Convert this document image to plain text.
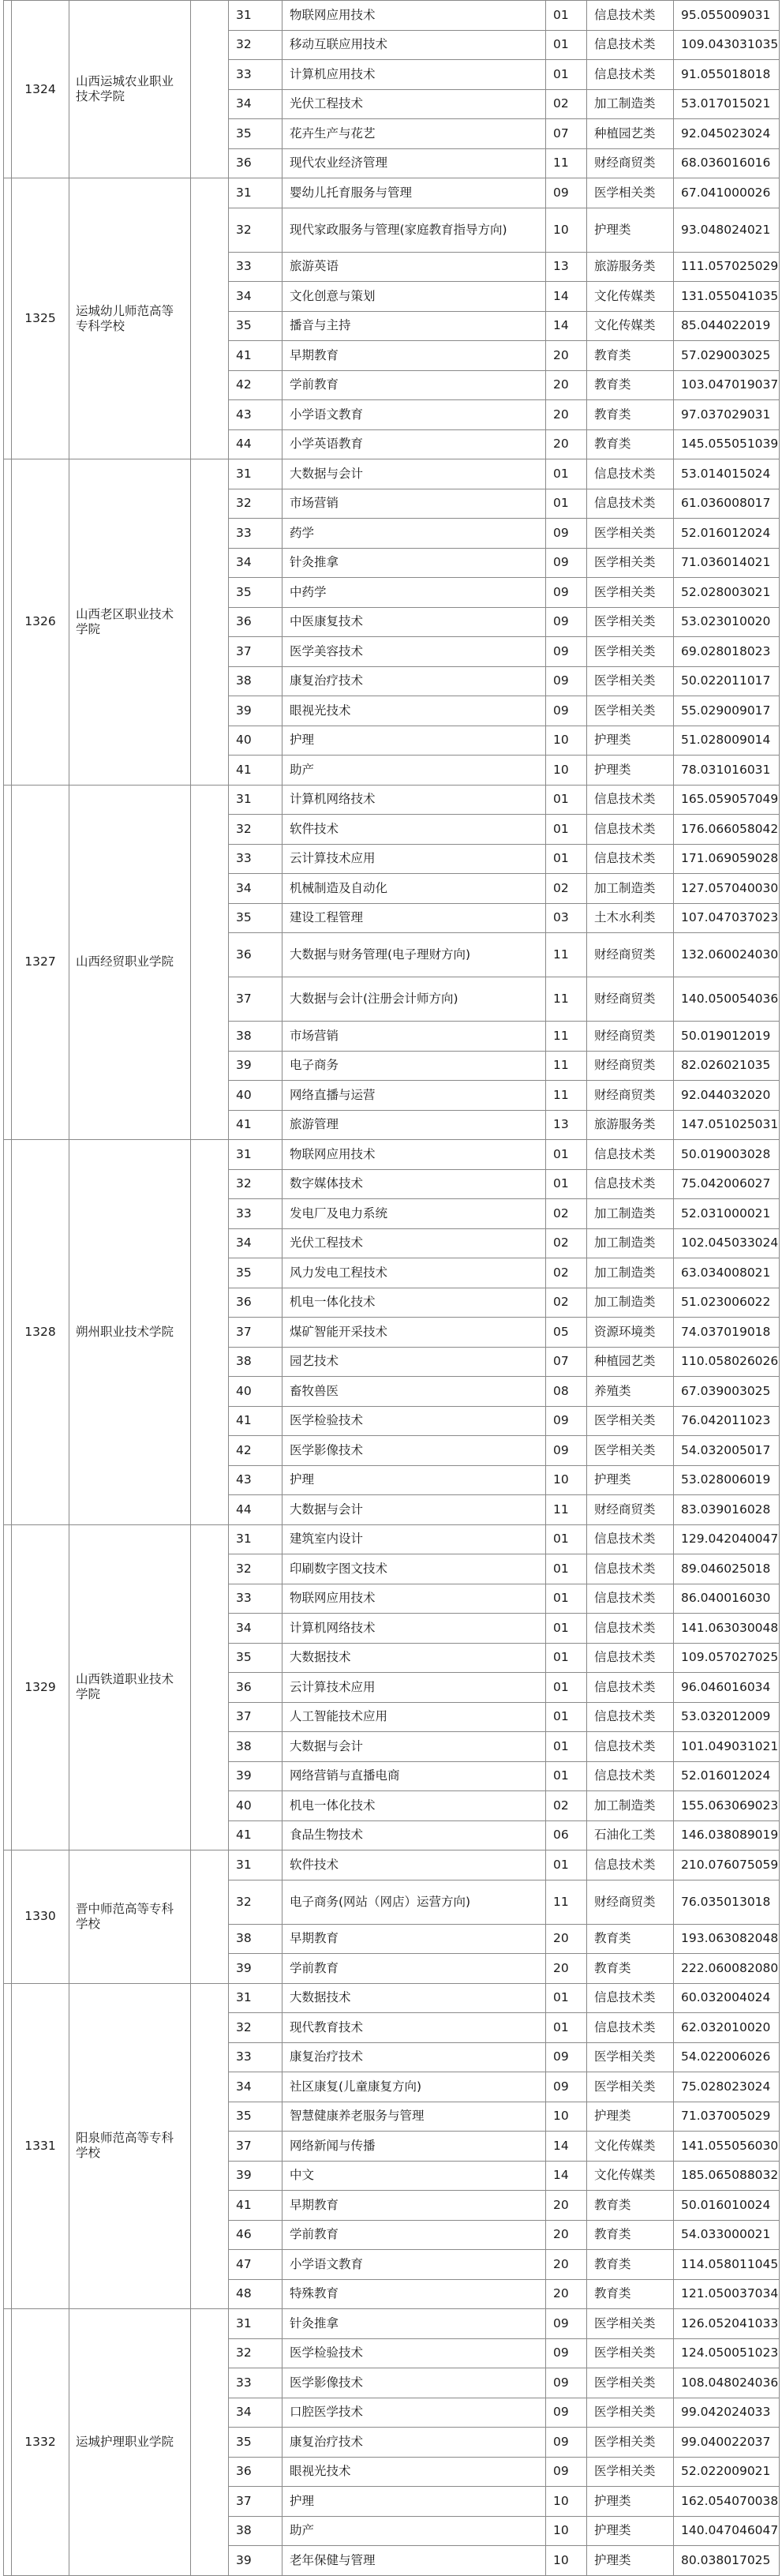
	1324	山西运城农业职业技术学院		31	物联网应用技术	01	信息技术类	95.055009031
				32	移动互联应用技术	01	信息技术类	109.043031035
				33	计算机应用技术	01	信息技术类	91.055018018
				34	光伏工程技术	02	加工制造类	53.017015021
				35	花卉生产与花艺	07	种植园艺类	92.045023024
				36	现代农业经济管理	11	财经商贸类	68.036016016
	1325	运城幼儿师范高等专科学校		31	婴幼儿托育服务与管理	09	医学相关类	67.041000026
				32	现代家政服务与管理(家庭教育指导方向)	10	护理类	93.048024021
				33	旅游英语	13	旅游服务类	111.057025029
				34	文化创意与策划	14	文化传媒类	131.055041035
				35	播音与主持	14	文化传媒类	85.044022019
				41	早期教育	20	教育类	57.029003025
				42	学前教育	20	教育类	103.047019037
				43	小学语文教育	20	教育类	97.037029031
				44	小学英语教育	20	教育类	145.055051039
	1326	山西老区职业技术学院		31	大数据与会计	01	信息技术类	53.014015024
				32	市场营销	01	信息技术类	61.036008017
				33	药学	09	医学相关类	52.016012024
				34	针灸推拿	09	医学相关类	71.036014021
				35	中药学	09	医学相关类	52.028003021
				36	中医康复技术	09	医学相关类	53.023010020
				37	医学美容技术	09	医学相关类	69.028018023
				38	康复治疗技术	09	医学相关类	50.022011017
				39	眼视光技术	09	医学相关类	55.029009017
				40	护理	10	护理类	51.028009014
				41	助产	10	护理类	78.031016031
	1327	山西经贸职业学院		31	计算机网络技术	01	信息技术类	165.059057049
				32	软件技术	01	信息技术类	176.066058042
				33	云计算技术应用	01	信息技术类	171.069059028
				34	机械制造及自动化	02	加工制造类	127.057040030
				35	建设工程管理	03	土木水利类	107.047037023
				36	大数据与财务管理(电子理财方向)	11	财经商贸类	132.060024030
				37	大数据与会计(注册会计师方向)	11	财经商贸类	140.050054036
				38	市场营销	11	财经商贸类	50.019012019
				39	电子商务	11	财经商贸类	82.026021035
				40	网络直播与运营	11	财经商贸类	92.044032020
				41	旅游管理	13	旅游服务类	147.051025031
	1328	朔州职业技术学院		31	物联网应用技术	01	信息技术类	50.019003028
				32	数字媒体技术	01	信息技术类	75.042006027
				33	发电厂及电力系统	02	加工制造类	52.031000021
				34	光伏工程技术	02	加工制造类	102.045033024
				35	风力发电工程技术	02	加工制造类	63.034008021
				36	机电一体化技术	02	加工制造类	51.023006022
				37	煤矿智能开采技术	05	资源环境类	74.037019018
				38	园艺技术	07	种植园艺类	110.058026026
				40	畜牧兽医	08	养殖类	67.039003025
				41	医学检验技术	09	医学相关类	76.042011023
				42	医学影像技术	09	医学相关类	54.032005017
				43	护理	10	护理类	53.028006019
				44	大数据与会计	11	财经商贸类	83.039016028
	1329	山西铁道职业技术学院		31	建筑室内设计	01	信息技术类	129.042040047
				32	印刷数字图文技术	01	信息技术类	89.046025018
				33	物联网应用技术	01	信息技术类	86.040016030
				34	计算机网络技术	01	信息技术类	141.063030048
				35	大数据技术	01	信息技术类	109.057027025
				36	云计算技术应用	01	信息技术类	96.046016034
				37	人工智能技术应用	01	信息技术类	53.032012009
				38	大数据与会计	01	信息技术类	101.049031021
				39	网络营销与直播电商	01	信息技术类	52.016012024
				40	机电一体化技术	02	加工制造类	155.063069023
				41	食品生物技术	06	石油化工类	146.038089019
	1330	晋中师范高等专科学校		31	软件技术	01	信息技术类	210.076075059
				32	电子商务(网站（网店）运营方向)	11	财经商贸类	76.035013018
				38	早期教育	20	教育类	193.063082048
				39	学前教育	20	教育类	222.060082080
	1331	阳泉师范高等专科学校		31	大数据技术	01	信息技术类	60.032004024
				32	现代教育技术	01	信息技术类	62.032010020
				33	康复治疗技术	09	医学相关类	54.022006026
				34	社区康复(儿童康复方向)	09	医学相关类	75.028023024
				35	智慧健康养老服务与管理	10	护理类	71.037005029
				37	网络新闻与传播	14	文化传媒类	141.055056030
				39	中文	14	文化传媒类	185.065088032
				41	早期教育	20	教育类	50.016010024
				46	学前教育	20	教育类	54.033000021
				47	小学语文教育	20	教育类	114.058011045
				48	特殊教育	20	教育类	121.050037034
	1332	运城护理职业学院		31	针灸推拿	09	医学相关类	126.052041033
				32	医学检验技术	09	医学相关类	124.050051023
				33	医学影像技术	09	医学相关类	108.048024036
				34	口腔医学技术	09	医学相关类	99.042024033
				35	康复治疗技术	09	医学相关类	99.040022037
				36	眼视光技术	09	医学相关类	52.022009021
				37	护理	10	护理类	162.054070038
				38	助产	10	护理类	140.047046047
				39	老年保健与管理	10	护理类	80.038017025
